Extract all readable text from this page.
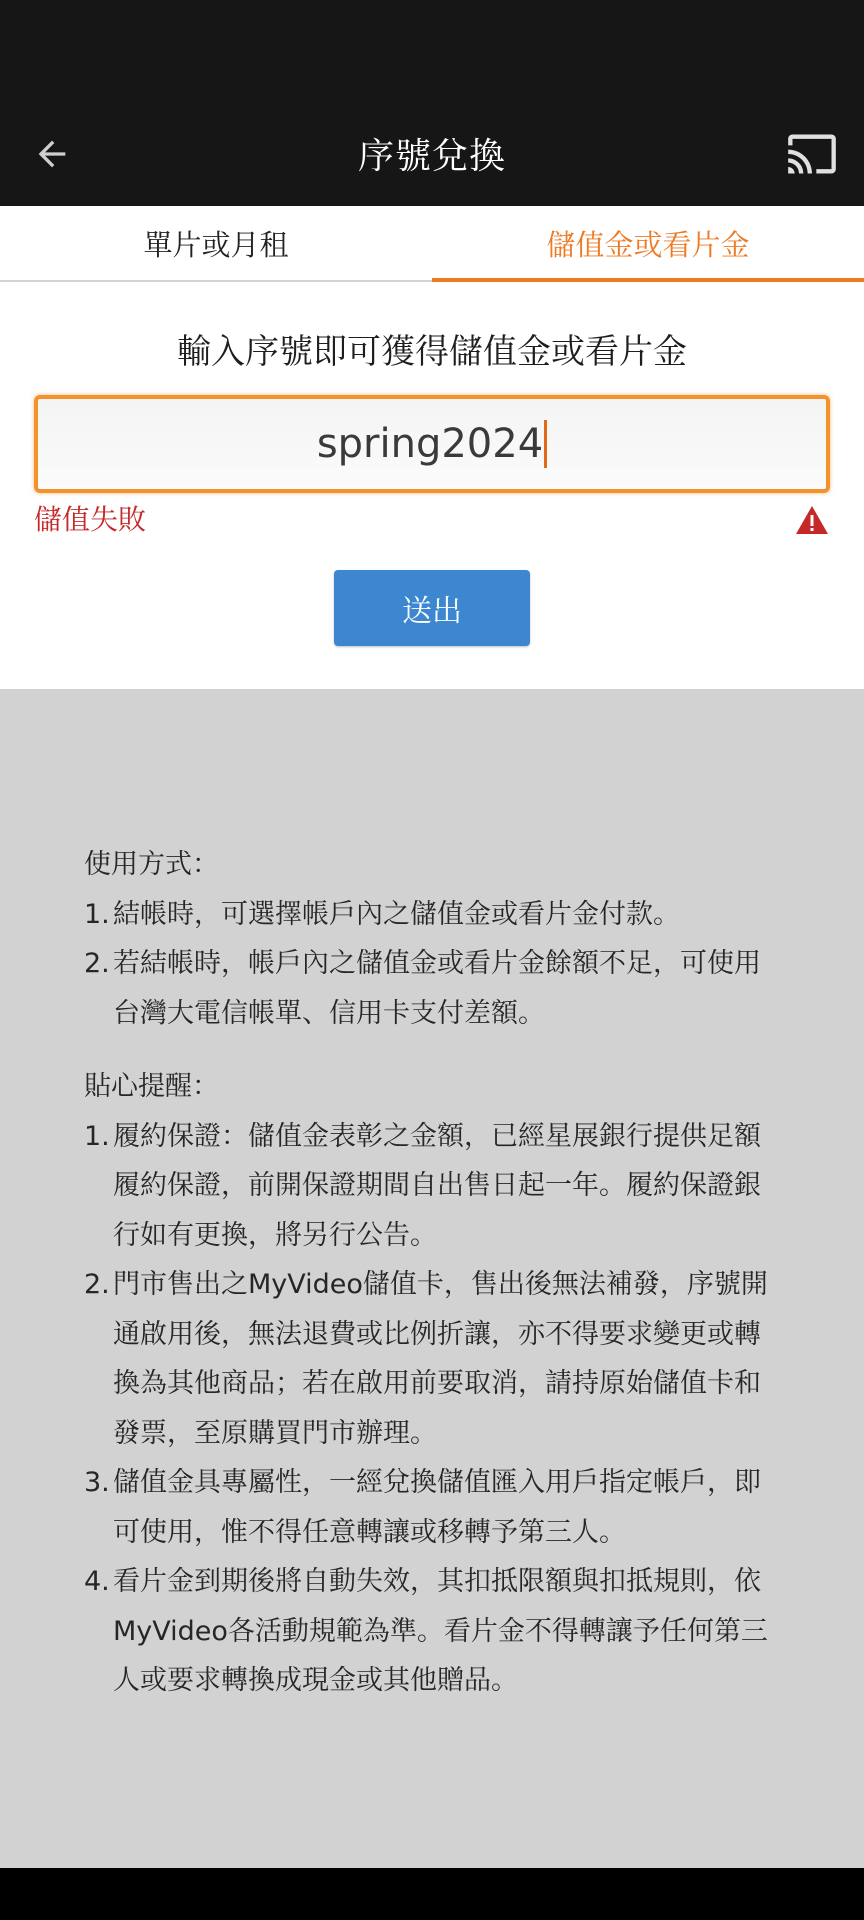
序號兌換
單片或月租	儲值金或看片金
輸入序號即可獲得儲值金或看片金
spring2024
儲值失敗
送出
使用方式：
1. 結帳時，可選擇帳戶內之儲值金或看片金付款。
2. 若結帳時，帳戶內之儲值金或看片金餘額不足，可使用台灣大電信帳單、信用卡支付差額。
貼心提醒：
1. 履約保證：儲值金表彰之金額，已經星展銀行提供足額履約保證，前開保證期間自出售日起一年。履約保證銀行如有更換，將另行公告。
2. 門市售出之MyVideo儲值卡，售出後無法補發，序號開通啟用後，無法退費或比例折讓，亦不得要求變更或轉換為其他商品；若在啟用前要取消，請持原始儲值卡和發票，至原購買門市辦理。
3. 儲值金具專屬性，一經兌換儲值匯入用戶指定帳戶，即可使用，惟不得任意轉讓或移轉予第三人。
4. 看片金到期後將自動失效，其扣抵限額與扣抵規則，依MyVideo各活動規範為準。看片金不得轉讓予任何第三人或要求轉換成現金或其他贈品。
